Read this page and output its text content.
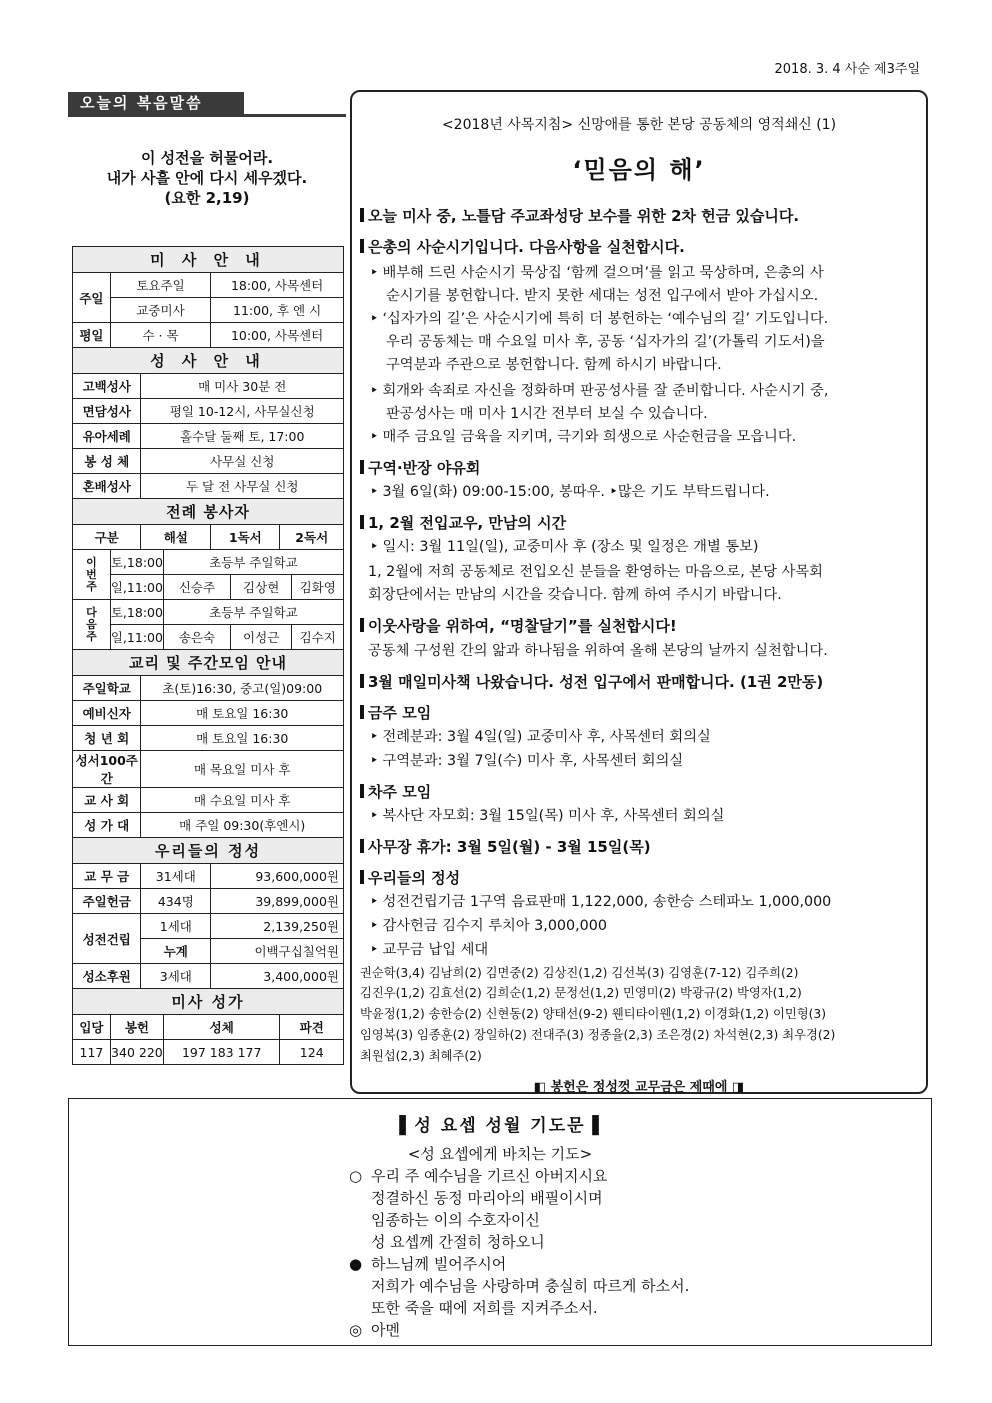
2018. 3. 4 사순 제3주일
오늘의 복음말씀
이 성전을 허물어라.
내가 사흘 안에 다시 세우겠다.
(요한 2,19)
미 사 안 내							
주일	토요주일			18:00, 사목센터			
	교중미사			11:00, 후 엔 시			
평일	수 · 목			10:00, 사목센터			
성 사 안 내							
고백성사		매 미사 30분 전					
면담성사		평일 10-12시, 사무실신청					
유아세례		홀수달 둘째 토, 17:00					
봉 성 체		사무실 신청					
혼배성사		두 달 전 사무실 신청					
전례 봉사자							
구분		해설		1독서		2독서	
이번주	토,18:00		초등부 주일학교				
	일,11:00		신승주		김상현		김화영
다음주	토,18:00		초등부 주일학교				
	일,11:00		송은숙		이성근		김수지
교리 및 주간모임 안내							
주일학교		초(토)16:30, 중고(일)09:00					
예비신자		매 토요일 16:30					
청 년 회		매 토요일 16:30					
성서100주간		매 목요일 미사 후					
교 사 회		매 수요일 미사 후					
성 가 대		매 주일 09:30(후엔시)					
우리들의 정성							
교 무 금		31세대		93,600,000원			
주일헌금		434명		39,899,000원			
성전건립		1세대		2,139,250원			
		누계		이백구십칠억원			
성소후원		3세대		3,400,000원			
미사 성가							
입당	봉헌		성체			파견	
117	340 220		197 183 177			124	
<2018년 사목지침> 신망애를 통한 본당 공동체의 영적쇄신 (1)
‘믿음의 해’
오늘 미사 중, 노틀담 주교좌성당 보수를 위한 2차 헌금 있습니다.
은총의 사순시기입니다. 다음사항을 실천합시다.
‣ 배부해 드린 사순시기 묵상집 ‘함께 걸으며’를 읽고 묵상하며, 은총의 사
순시기를 봉헌합니다. 받지 못한 세대는 성전 입구에서 받아 가십시오.
‣ ‘십자가의 길’은 사순시기에 특히 더 봉헌하는 ‘예수님의 길’ 기도입니다.
우리 공동체는 매 수요일 미사 후, 공동 ‘십자가의 길’(가톨릭 기도서)을
구역분과 주관으로 봉헌합니다. 함께 하시기 바랍니다.
‣ 회개와 속죄로 자신을 정화하며 판공성사를 잘 준비합니다. 사순시기 중,
판공성사는 매 미사 1시간 전부터 보실 수 있습니다.
‣ 매주 금요일 금육을 지키며, 극기와 희생으로 사순헌금을 모읍니다.
구역·반장 야유회
‣ 3월 6일(화) 09:00-15:00, 봉따우. ‣많은 기도 부탁드립니다.
1, 2월 전입교우, 만남의 시간
‣ 일시: 3월 11일(일), 교중미사 후 (장소 및 일정은 개별 통보)
1, 2월에 저희 공동체로 전입오신 분들을 환영하는 마음으로, 본당 사목회
회장단에서는 만남의 시간을 갖습니다. 함께 하여 주시기 바랍니다.
이웃사랑을 위하여, “명찰달기”를 실천합시다!
공동체 구성원 간의 앎과 하나됨을 위하여 올해 본당의 날까지 실천합니다.
3월 매일미사책 나왔습니다. 성전 입구에서 판매합니다. (1권 2만동)
금주 모임
‣ 전례분과: 3월 4일(일) 교중미사 후, 사목센터 회의실
‣ 구역분과: 3월 7일(수) 미사 후, 사목센터 회의실
차주 모임
‣ 복사단 자모회: 3월 15일(목) 미사 후, 사목센터 회의실
사무장 휴가: 3월 5일(월) - 3월 15일(목)
우리들의 정성
‣ 성전건립기금 1구역 음료판매 1,122,000, 송한승 스테파노 1,000,000
‣ 감사헌금 김수지 루치아 3,000,000
‣ 교무금 납입 세대
권순학(3,4) 김남희(2) 김면중(2) 김상진(1,2) 김선복(3) 김영훈(7-12) 김주희(2)
김진우(1,2) 김효선(2) 김희순(1,2) 문정선(1,2) 민영미(2) 박광규(2) 박영자(1,2)
박윤정(1,2) 송한승(2) 신현동(2) 양태선(9-2) 웬티타이웬(1,2) 이경화(1,2) 이민형(3)
임영복(3) 임종훈(2) 장일하(2) 전대주(3) 정종율(2,3) 조은경(2) 차석현(2,3) 최우경(2)
최원섭(2,3) 최혜주(2)
◧ 봉헌은 정성껏 교무금은 제때에 ◨
▌성 요셉 성월 기도문▐
<성 요셉에게 바치는 기도>
○ 우리 주 예수님을 기르신 아버지시요
정결하신 동정 마리아의 배필이시며
임종하는 이의 수호자이신
성 요셉께 간절히 청하오니
● 하느님께 빌어주시어
저희가 예수님을 사랑하며 충실히 따르게 하소서.
또한 죽을 때에 저희를 지켜주소서.
◎ 아멘
